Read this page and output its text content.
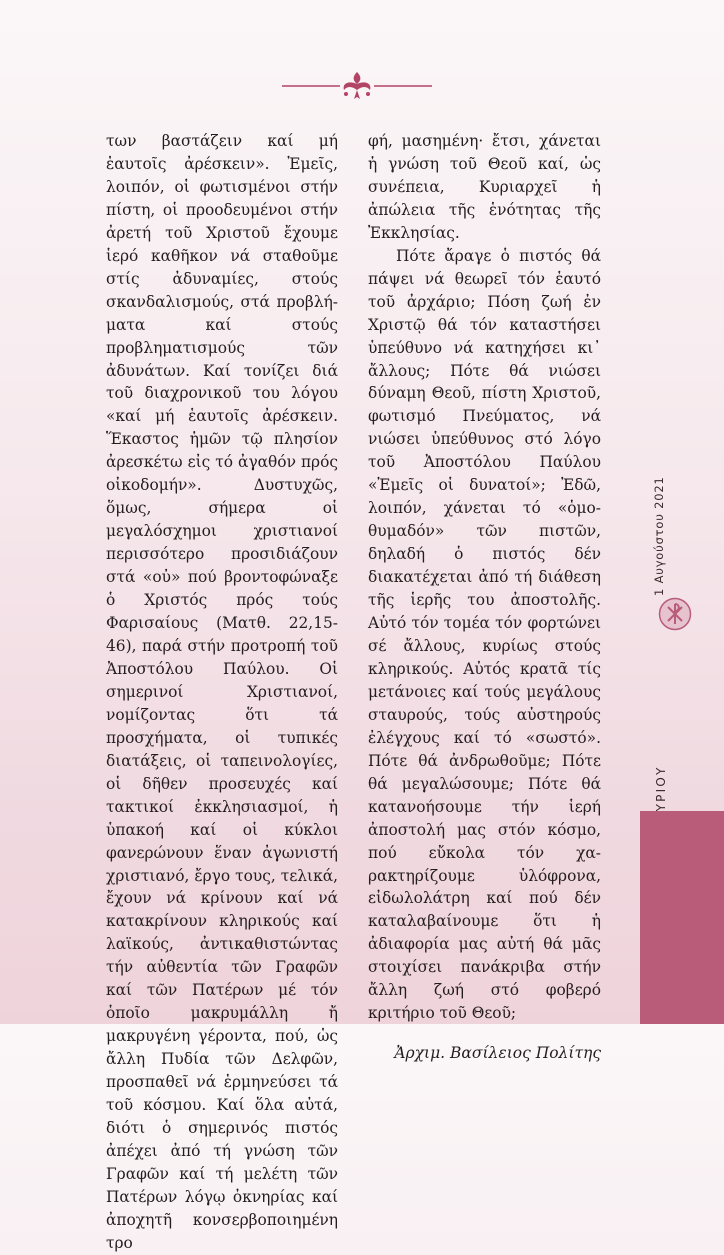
των βαστάζειν καί μή ἑαυτοῖς ἀρέσκειν». Ἐμεῖς, λοιπόν, οἱ φωτισμένοι στήν πίστη, οἱ προοδευμένοι στήν ἀρετή τοῦ Χριστοῦ ἔχουμε ἱερό καθῆκον νά σταθοῦμε στίς ἀδυναμίες, στούς σκανδαλισμούς, στά προβλήματα καί στούς προβληματισμούς τῶν ἀδυνάτων. Καί τονίζει διά τοῦ διαχρονικοῦ του λόγου «καί μή ἑαυτοῖς ἀρέσκειν. Ἕκαστος ἡμῶν τῷ πλησίον ἀρεσκέτω εἰς τό ἀγαθόν πρός οἰκοδομήν». Δυστυχῶς, ὅμως, σήμερα οἱ μεγαλόσχημοι χριστιανοί περισσότερο προσιδιάζουν στά «οὐ» πού βροντοφώναξε ὁ Χριστός πρός τούς Φαρισαίους (Ματθ. 22,15-46), παρά στήν προτροπή τοῦ Ἀποστόλου Παύλου. Οἱ σημερινοί Χριστιανοί, νομίζοντας ὅτι τά προσχήματα, οἱ τυπικές διατάξεις, οἱ ταπεινολογίες, οἱ δῆθεν προσευχές καί τακτικοί ἐκκλησιασμοί, ἡ ὑπακοή καί οἱ κύκλοι φανερώνουν ἕναν ἀγωνιστή χριστιανό, ἔργο τους, τελικά, ἔχουν νά κρίνουν καί νά κατακρίνουν κληρικούς καί λαϊκούς, ἀντικαθιστώντας τήν αὐθεντία τῶν Γραφῶν καί τῶν Πατέρων μέ τόν ὁποῖο μακρυμάλλη ἤ μακρυγένη γέροντα, πού, ὡς ἄλλη Πυδία τῶν Δελφῶν, προσπαθεῖ νά ἑρμηνεύσει τά τοῦ κόσμου. Καί ὅλα αὐτά, διότι ὁ σημερινός πιστός ἀπέχει ἀπό τή γνώση τῶν Γραφῶν καί τή μελέτη τῶν Πατέρων λόγῳ ὀκνηρίας καί ἀποχητῆ κονσερβοποιημένη τρο

φή, μασημένη· ἔτσι, χάνεται ἡ γνώση τοῦ Θεοῦ καί, ὡς συνέπεια, Κυριαρχεῖ ἡ ἀπώλεια τῆς ἑνότητας τῆς Ἐκκλησίας.

Πότε ἄραγε ὁ πιστός θά πάψει νά θεωρεῖ τόν ἑαυτό τοῦ ἀρχάριο; Πόση ζωή ἐν Χριστῷ θά τόν καταστήσει ὑπεύθυνο νά κατηχήσει κι᾽ ἄλλους; Πότε θά νιώσει δύναμη Θεοῦ, πίστη Χριστοῦ, φωτισμό Πνεύματος, νά νιώσει ὑπεύθυνος στό λόγο τοῦ Ἀποστόλου Παύλου «Ἐμεῖς οἱ δυνατοί»; Ἐδῶ, λοιπόν, χάνεται τό «ὁμοθυμαδόν» τῶν πιστῶν, δηλαδή ὁ πιστός δέν διακατέχεται ἀπό τή διάθεση τῆς ἱερῆς του ἀποστολῆς. Αὐτό τόν τομέα τόν φορτώνει σέ ἄλλους, κυρίως στούς κληρικούς. Αὐτός κρατᾶ τίς μετάνοιες καί τούς μεγάλους σταυρούς, τούς αὐστηρούς ἐλέγχους καί τό «σωστό». Πότε θά ἀνδρωθοῦμε; Πότε θά μεγαλώσουμε; Πότε θά κατανοήσουμε τήν ἱερή ἀποστολή μας στόν κόσμο, πού εὔκολα τόν χαρακτηρίζουμε ὑλόφρονα, εἰδωλολάτρη καί πού δέν καταλαβαίνουμε ὅτι ἡ ἀδιαφορία μας αὐτή θά μᾶς στοιχίσει πανάκριβα στήν ἄλλη ζωή στό φοβερό κριτήριο τοῦ Θεοῦ;

Ἀρχιμ. Βασίλειος Πολίτης

1 Αυγούστου 2021
